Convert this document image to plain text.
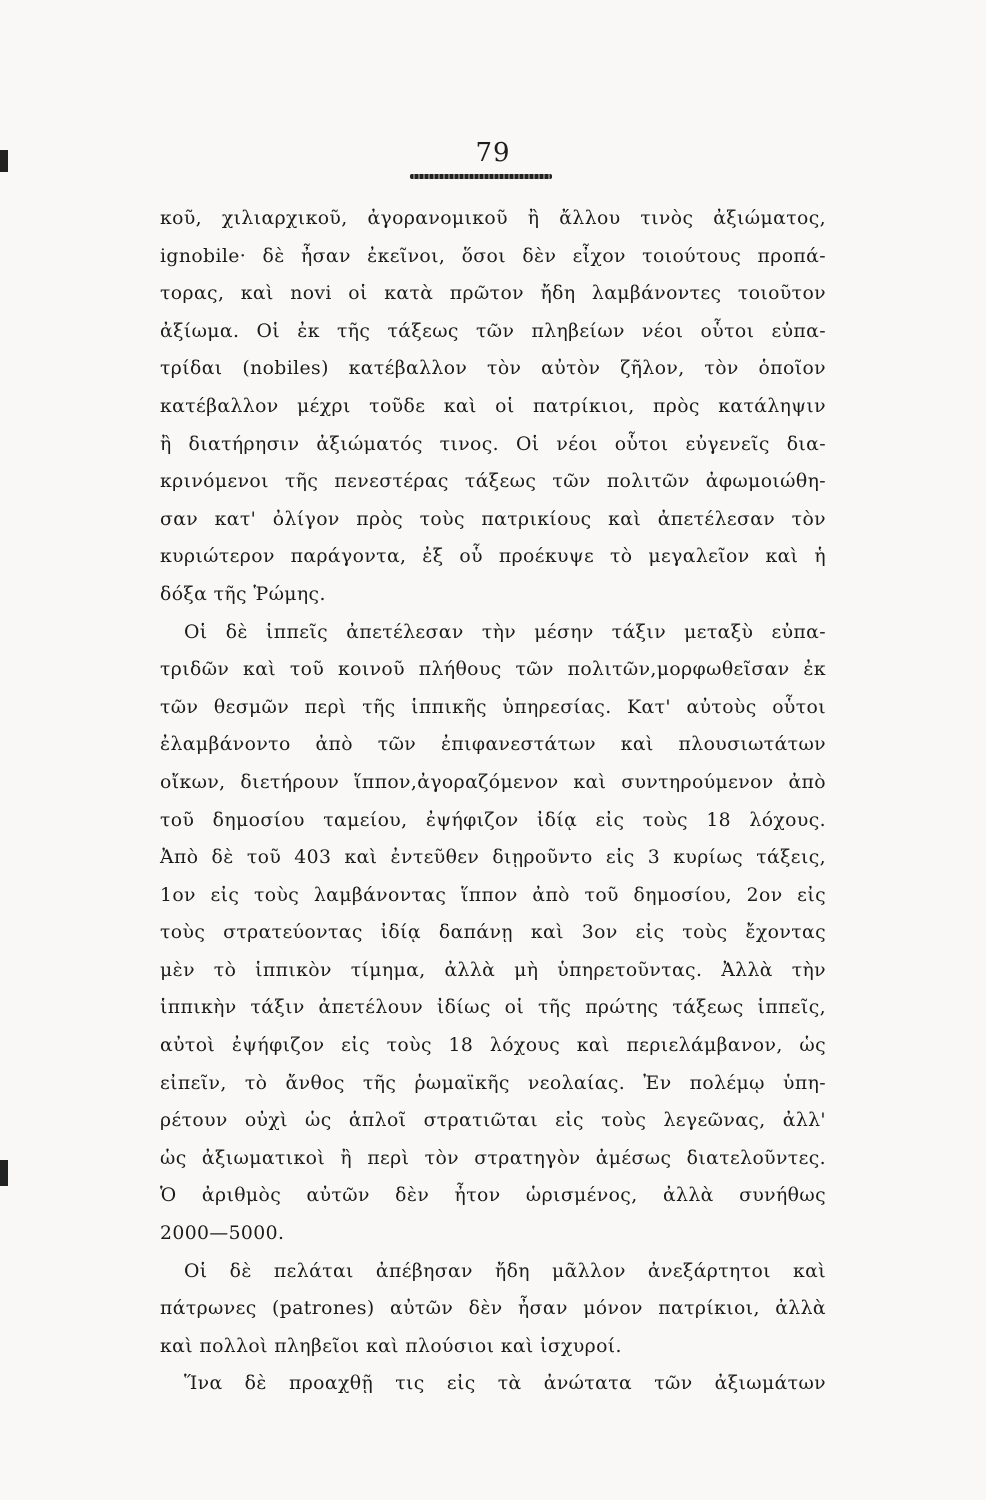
79
κοῦ, χιλιαρχικοῦ, ἀγορανομικοῦ ἢ ἄλλου τινὸς ἀξιώματος,
ignobile· δὲ ἦσαν ἐκεῖνοι, ὅσοι δὲν εἶχον τοιούτους προπά-
τορας, καὶ novi οἱ κατὰ πρῶτον ἤδη λαμβάνοντες τοιοῦτον
ἀξίωμα. Οἱ ἐκ τῆς τάξεως τῶν πληβείων νέοι οὗτοι εὐπα-
τρίδαι (nobiles) κατέβαλλον τὸν αὐτὸν ζῆλον, τὸν ὁποῖον
κατέβαλλον μέχρι τοῦδε καὶ οἱ πατρίκιοι, πρὸς κατάληψιν
ἢ διατήρησιν ἀξιώματός τινος. Οἱ νέοι οὗτοι εὐγενεῖς δια-
κρινόμενοι τῆς πενεστέρας τάξεως τῶν πολιτῶν ἀφωμοιώθη-
σαν κατ' ὀλίγον πρὸς τοὺς πατρικίους καὶ ἀπετέλεσαν τὸν
κυριώτερον παράγοντα, ἐξ οὗ προέκυψε τὸ μεγαλεῖον καὶ ἡ
δόξα τῆς Ῥώμης.
Οἱ δὲ ἱππεῖς ἀπετέλεσαν τὴν μέσην τάξιν μεταξὺ εὐπα-
τριδῶν καὶ τοῦ κοινοῦ πλήθους τῶν πολιτῶν,μορφωθεῖσαν ἐκ
τῶν θεσμῶν περὶ τῆς ἱππικῆς ὑπηρεσίας. Κατ' αὐτοὺς οὗτοι
ἐλαμβάνοντο ἀπὸ τῶν ἐπιφανεστάτων καὶ πλουσιωτάτων
οἴκων, διετήρουν ἵππον,ἀγοραζόμενον καὶ συντηρούμενον ἀπὸ
τοῦ δημοσίου ταμείου, ἐψήφιζον ἰδίᾳ εἰς τοὺς 18 λόχους.
Ἀπὸ δὲ τοῦ 403 καὶ ἐντεῦθεν διῃροῦντο εἰς 3 κυρίως τάξεις,
1ον εἰς τοὺς λαμβάνοντας ἵππον ἀπὸ τοῦ δημοσίου, 2ον εἰς
τοὺς στρατεύοντας ἰδίᾳ δαπάνῃ καὶ 3ον εἰς τοὺς ἔχοντας
μὲν τὸ ἱππικὸν τίμημα, ἀλλὰ μὴ ὑπηρετοῦντας. Ἀλλὰ τὴν
ἱππικὴν τάξιν ἀπετέλουν ἰδίως οἱ τῆς πρώτης τάξεως ἱππεῖς,
αὐτοὶ ἐψήφιζον εἰς τοὺς 18 λόχους καὶ περιελάμβανον, ὡς
εἰπεῖν, τὸ ἄνθος τῆς ῥωμαϊκῆς νεολαίας. Ἐν πολέμῳ ὑπη-
ρέτουν οὐχὶ ὡς ἁπλοῖ στρατιῶται εἰς τοὺς λεγεῶνας, ἀλλ'
ὡς ἀξιωματικοὶ ἢ περὶ τὸν στρατηγὸν ἀμέσως διατελοῦντες.
Ὁ ἀριθμὸς αὐτῶν δὲν ἦτον ὡρισμένος, ἀλλὰ συνήθως
2000—5000.
Οἱ δὲ πελάται ἀπέβησαν ἤδη μᾶλλον ἀνεξάρτητοι καὶ
πάτρωνες (patrones) αὐτῶν δὲν ἦσαν μόνον πατρίκιοι, ἀλλὰ
καὶ πολλοὶ πληβεῖοι καὶ πλούσιοι καὶ ἰσχυροί.
Ἵνα δὲ προαχθῇ τις εἰς τὰ ἀνώτατα τῶν ἀξιωμάτων
